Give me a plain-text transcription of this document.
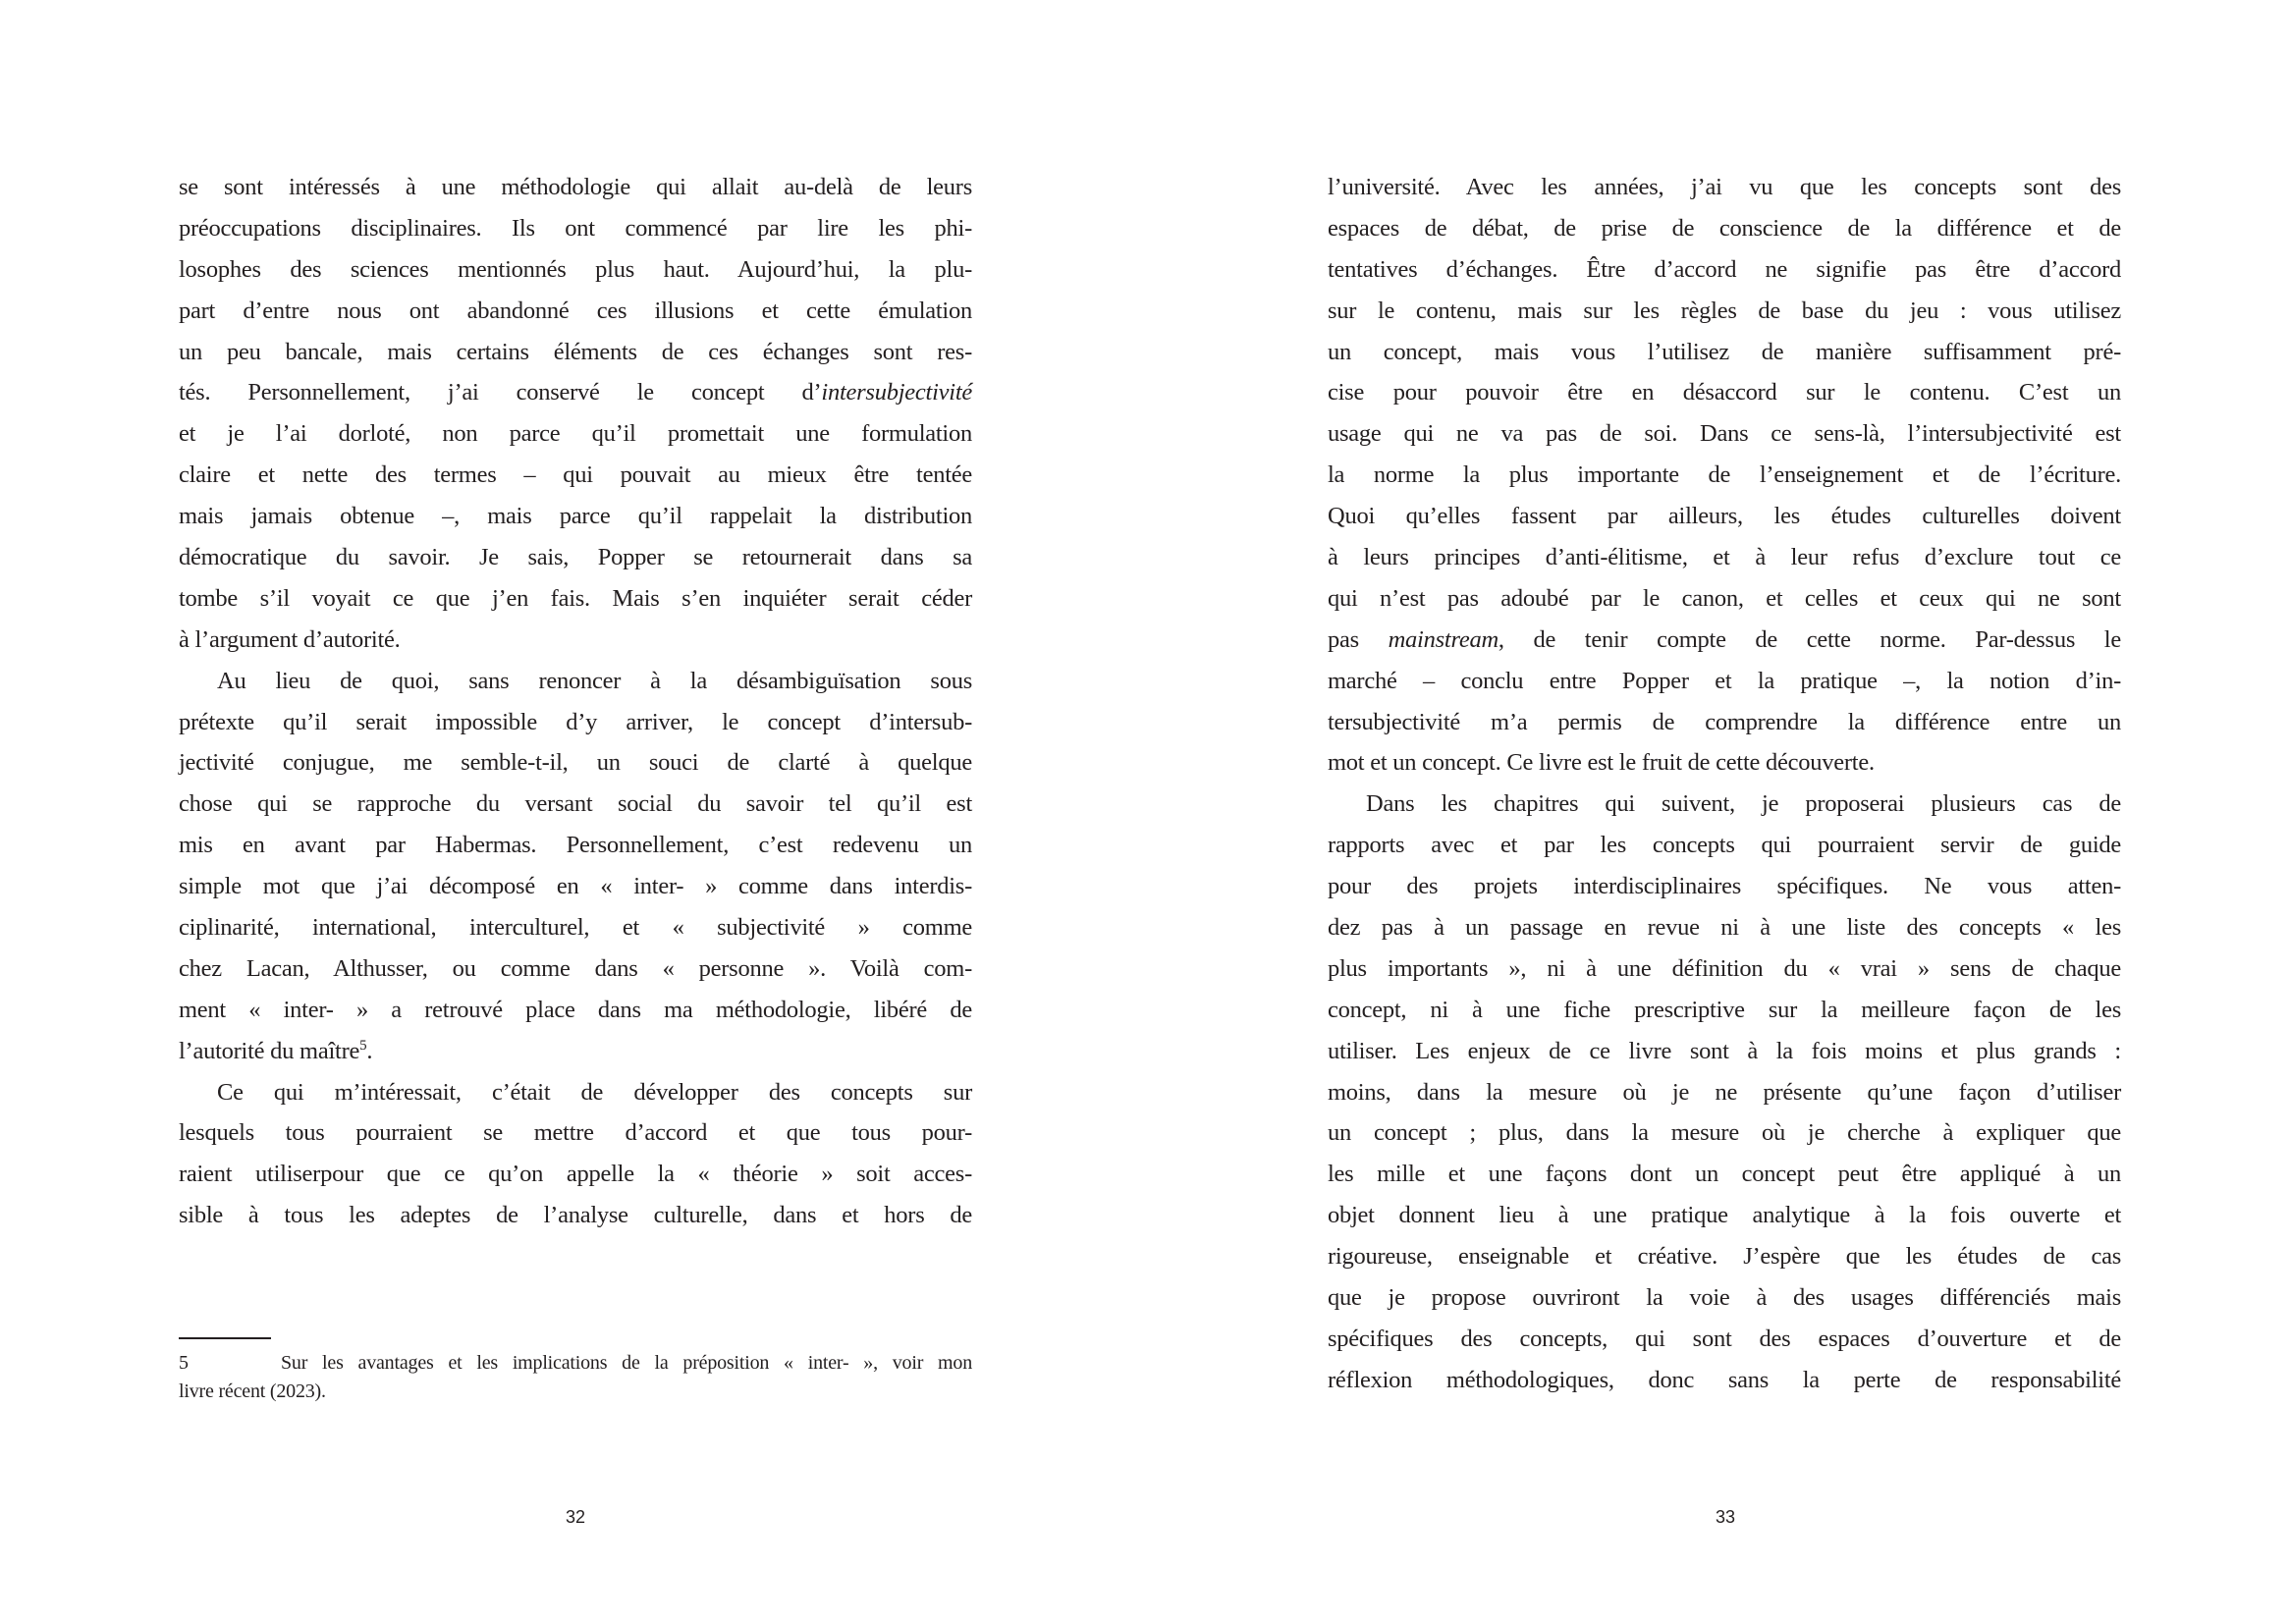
se sont intéressés à une méthodologie qui allait au-delà de leurs
préoccupations disciplinaires. Ils ont commencé par lire les phi-
losophes des sciences mentionnés plus haut. Aujourd’hui, la plu-
part d’entre nous ont abandonné ces illusions et cette émulation
un peu bancale, mais certains éléments de ces échanges sont res-
tés. Personnellement, j’ai conservé le concept d’intersubjectivité
et je l’ai dorloté, non parce qu’il promettait une formulation
claire et nette des termes – qui pouvait au mieux être tentée
mais jamais obtenue –, mais parce qu’il rappelait la distribution
démocratique du savoir. Je sais, Popper se retournerait dans sa
tombe s’il voyait ce que j’en fais. Mais s’en inquiéter serait céder
à l’argument d’autorité.
Au lieu de quoi, sans renoncer à la désambiguïsation sous
prétexte qu’il serait impossible d’y arriver, le concept d’intersub-
jectivité conjugue, me semble-t-il, un souci de clarté à quelque
chose qui se rapproche du versant social du savoir tel qu’il est
mis en avant par Habermas. Personnellement, c’est redevenu un
simple mot que j’ai décomposé en « inter- » comme dans interdis-
ciplinarité, international, interculturel, et « subjectivité » comme
chez Lacan, Althusser, ou comme dans « personne ». Voilà com-
ment « inter- » a retrouvé place dans ma méthodologie, libéré de
l’autorité du maître$^5$.
Ce qui m’intéressait, c’était de développer des concepts sur
lesquels tous pourraient se mettre d’accord et que tous pour-
raient utiliserpour que ce qu’on appelle la « théorie » soit acces-
sible à tous les adeptes de l’analyse culturelle, dans et hors de
5	Sur les avantages et les implications de la préposition « inter- », voir mon
livre récent (2023).
32
l’université. Avec les années, j’ai vu que les concepts sont des
espaces de débat, de prise de conscience de la différence et de
tentatives d’échanges. Être d’accord ne signifie pas être d’accord
sur le contenu, mais sur les règles de base du jeu : vous utilisez
un concept, mais vous l’utilisez de manière suffisamment pré-
cise pour pouvoir être en désaccord sur le contenu. C’est un
usage qui ne va pas de soi. Dans ce sens-là, l’intersubjectivité est
la norme la plus importante de l’enseignement et de l’écriture.
Quoi qu’elles fassent par ailleurs, les études culturelles doivent
à leurs principes d’anti-élitisme, et à leur refus d’exclure tout ce
qui n’est pas adoubé par le canon, et celles et ceux qui ne sont
pas mainstream, de tenir compte de cette norme. Par-dessus le
marché – conclu entre Popper et la pratique –, la notion d’in-
tersubjectivité m’a permis de comprendre la différence entre un
mot et un concept. Ce livre est le fruit de cette découverte.
Dans les chapitres qui suivent, je proposerai plusieurs cas de
rapports avec et par les concepts qui pourraient servir de guide
pour des projets interdisciplinaires spécifiques. Ne vous atten-
dez pas à un passage en revue ni à une liste des concepts « les
plus importants », ni à une définition du « vrai » sens de chaque
concept, ni à une fiche prescriptive sur la meilleure façon de les
utiliser. Les enjeux de ce livre sont à la fois moins et plus grands :
moins, dans la mesure où je ne présente qu’une façon d’utiliser
un concept ; plus, dans la mesure où je cherche à expliquer que
les mille et une façons dont un concept peut être appliqué à un
objet donnent lieu à une pratique analytique à la fois ouverte et
rigoureuse, enseignable et créative. J’espère que les études de cas
que je propose ouvriront la voie à des usages différenciés mais
spécifiques des concepts, qui sont des espaces d’ouverture et de
réflexion méthodologiques, donc sans la perte de responsabilité
33
